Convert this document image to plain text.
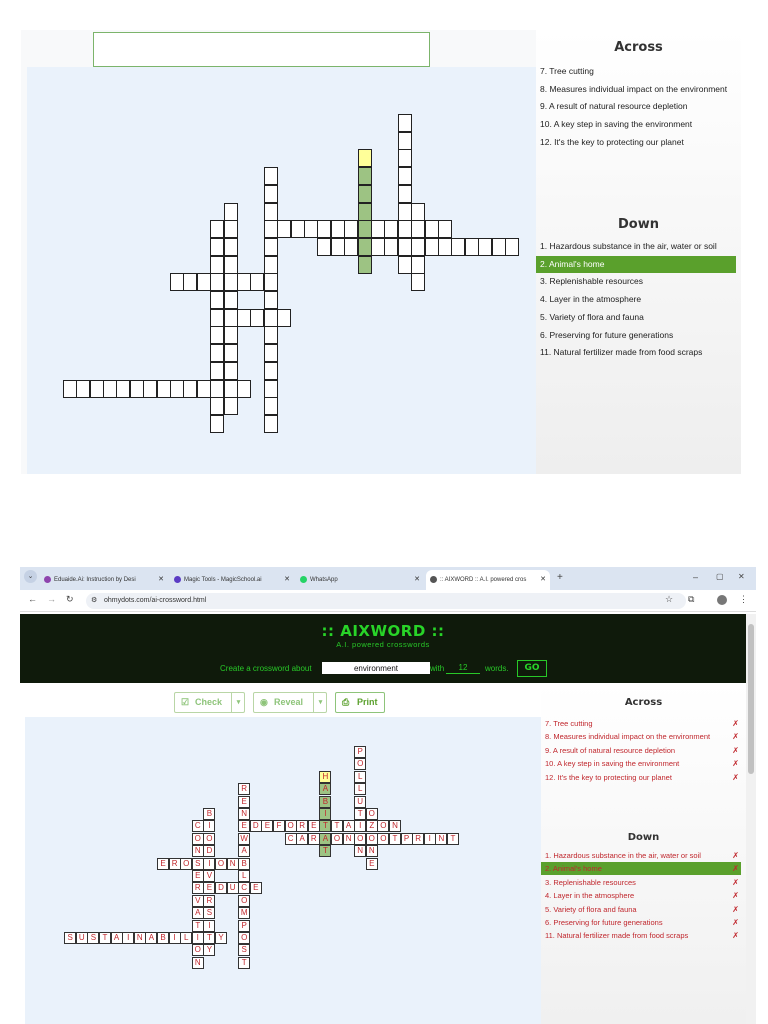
Across
7. Tree cutting
8. Measures individual impact on the environment
9. A result of natural resource depletion
10. A key step in saving the environment
12. It's the key to protecting our planet
Down
1. Hazardous substance in the air, water or soil
2. Animal's home
3. Replenishable resources
4. Layer in the atmosphere
5. Variety of flora and fauna
6. Preserving for future generations
11. Natural fertilizer made from food scraps
⌄	Eduaide.Ai: Instruction by Desi	✕	Magic Tools - MagicSchool.ai	✕	WhatsApp	✕	:: AIXWORD :: A.I. powered cros ✕ +	– ▢ ✕
← → ↻ ⚙ ohmydots.com/ai-crossword.html	☆ ⧉	⋮
:: AIXWORD ::
A.I. powered crosswords
Create a crossword about
environment	with
12	words.	GO
☑ Check	▾	◉ Reveal	▾	⎙ Print
D E F O R E T T A I	Z O N
C A R A O N O O O T P R I N T
E R O S I O N
R E D U C E
S U S T A I N A B I	L	I	T Y
P
O
L
L
U
T
N
H
A
B
I
T
R
E
N
E
W
A
B
L
O
N
E
B
I
O
D
V
R
S
I
Y
C
O
N
E
V
A
T
O
N
O
M
P
O
S
T
Across
7. Tree cutting	✗
8. Measures individual impact on the environment	✗
9. A result of natural resource depletion	✗
10. A key step in saving the environment	✗
12. It's the key to protecting our planet	✗
Down
1. Hazardous substance in the air, water or soil	✗
2. Animal's home	✗
3. Replenishable resources	✗
4. Layer in the atmosphere	✗
5. Variety of flora and fauna	✗
6. Preserving for future generations	✗
11. Natural fertilizer made from food scraps	✗
